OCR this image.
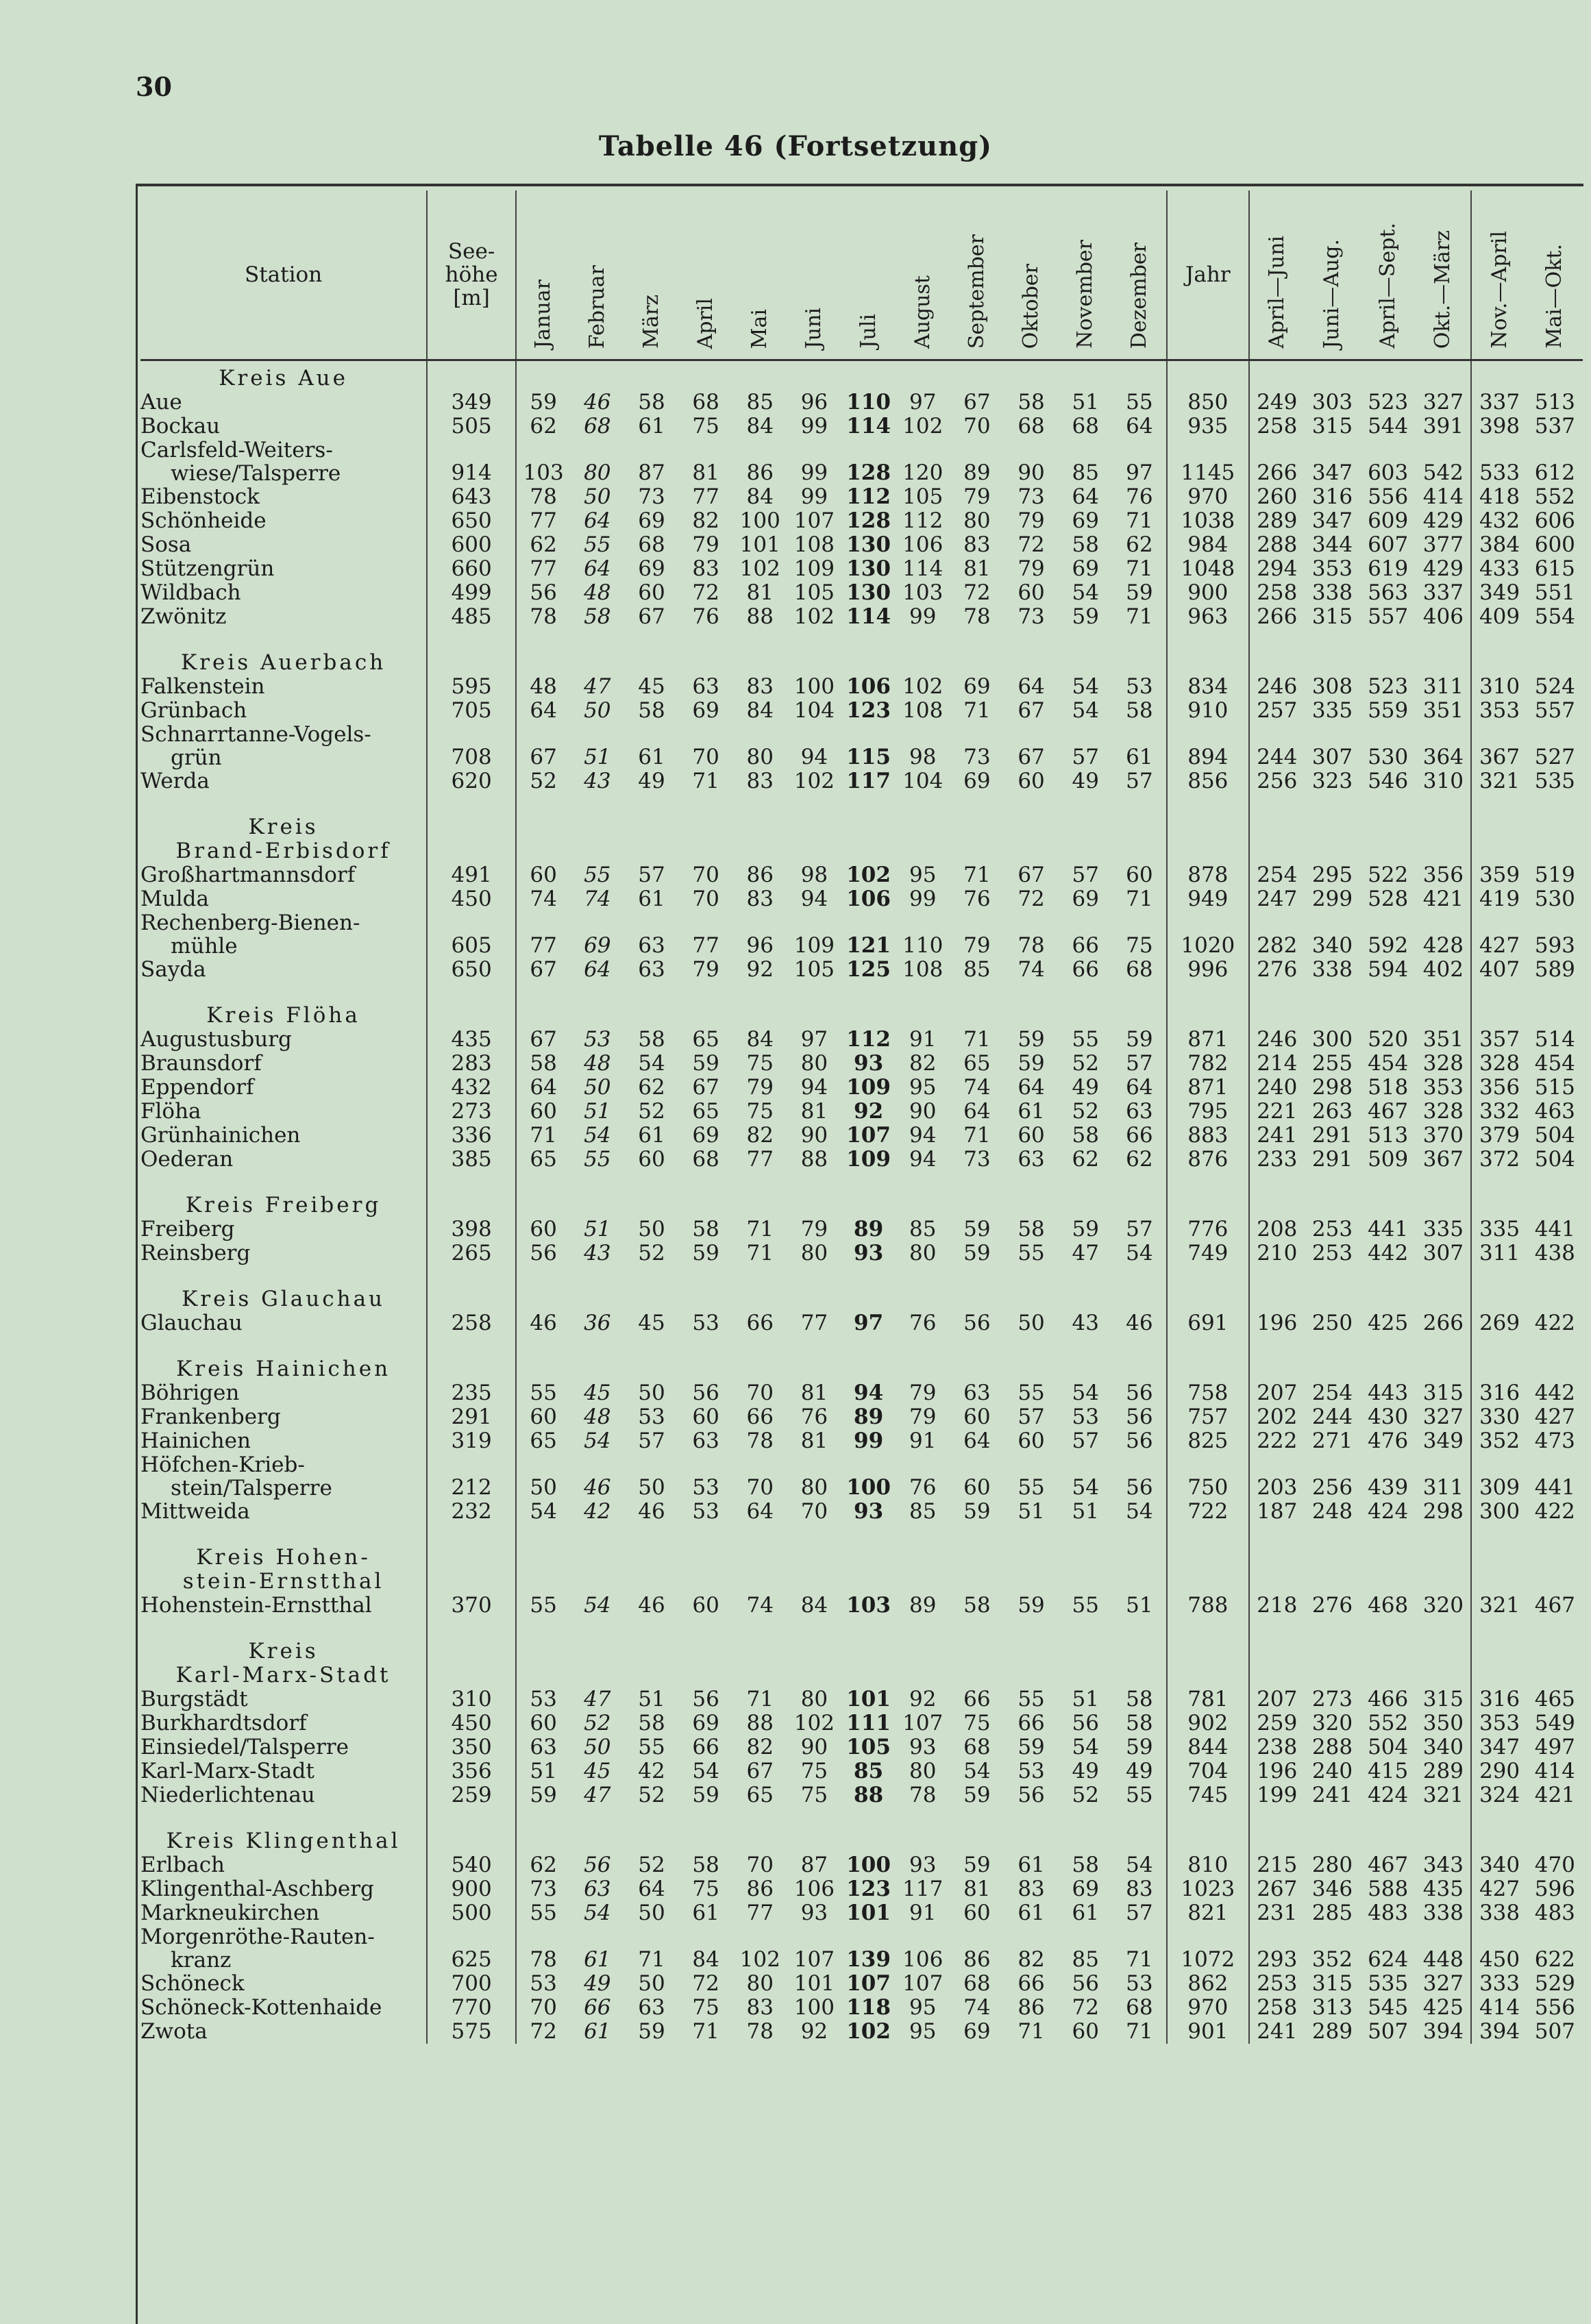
30
Tabelle 46 (Fortsetzung)
Station	See-
höhe
[m]	Januar	Februar	März	April	Mai	Juni	Juli	August	September	Oktober	November	Dezember	Jahr	April—Juni	Juni—Aug.	April—Sept.	Okt.—März	Nov.—April	Mai—Okt.
Kreis Aue																				
Aue	349	59	46	58	68	85	96	110	97	67	58	51	55	850	249	303	523	327	337	513
Bockau	505	62	68	61	75	84	99	114	102	70	68	68	64	935	258	315	544	391	398	537
Carlsfeld-Weiters-
wiese/Talsperre	914	103	80	87	81	86	99	128	120	89	90	85	97	1145	266	347	603	542	533	612
Eibenstock	643	78	50	73	77	84	99	112	105	79	73	64	76	970	260	316	556	414	418	552
Schönheide	650	77	64	69	82	100	107	128	112	80	79	69	71	1038	289	347	609	429	432	606
Sosa	600	62	55	68	79	101	108	130	106	83	72	58	62	984	288	344	607	377	384	600
Stützengrün	660	77	64	69	83	102	109	130	114	81	79	69	71	1048	294	353	619	429	433	615
Wildbach	499	56	48	60	72	81	105	130	103	72	60	54	59	900	258	338	563	337	349	551
Zwönitz	485	78	58	67	76	88	102	114	99	78	73	59	71	963	266	315	557	406	409	554

Kreis Auerbach																				
Falkenstein	595	48	47	45	63	83	100	106	102	69	64	54	53	834	246	308	523	311	310	524
Grünbach	705	64	50	58	69	84	104	123	108	71	67	54	58	910	257	335	559	351	353	557
Schnarrtanne-Vogels-
grün	708	67	51	61	70	80	94	115	98	73	67	57	61	894	244	307	530	364	367	527
Werda	620	52	43	49	71	83	102	117	104	69	60	49	57	856	256	323	546	310	321	535

Kreis
Brand-Erbisdorf																				
Großhartmannsdorf	491	60	55	57	70	86	98	102	95	71	67	57	60	878	254	295	522	356	359	519
Mulda	450	74	74	61	70	83	94	106	99	76	72	69	71	949	247	299	528	421	419	530
Rechenberg-Bienen-
mühle	605	77	69	63	77	96	109	121	110	79	78	66	75	1020	282	340	592	428	427	593
Sayda	650	67	64	63	79	92	105	125	108	85	74	66	68	996	276	338	594	402	407	589

Kreis Flöha																				
Augustusburg	435	67	53	58	65	84	97	112	91	71	59	55	59	871	246	300	520	351	357	514
Braunsdorf	283	58	48	54	59	75	80	93	82	65	59	52	57	782	214	255	454	328	328	454
Eppendorf	432	64	50	62	67	79	94	109	95	74	64	49	64	871	240	298	518	353	356	515
Flöha	273	60	51	52	65	75	81	92	90	64	61	52	63	795	221	263	467	328	332	463
Grünhainichen	336	71	54	61	69	82	90	107	94	71	60	58	66	883	241	291	513	370	379	504
Oederan	385	65	55	60	68	77	88	109	94	73	63	62	62	876	233	291	509	367	372	504

Kreis Freiberg																				
Freiberg	398	60	51	50	58	71	79	89	85	59	58	59	57	776	208	253	441	335	335	441
Reinsberg	265	56	43	52	59	71	80	93	80	59	55	47	54	749	210	253	442	307	311	438

Kreis Glauchau																				
Glauchau	258	46	36	45	53	66	77	97	76	56	50	43	46	691	196	250	425	266	269	422

Kreis Hainichen																				
Böhrigen	235	55	45	50	56	70	81	94	79	63	55	54	56	758	207	254	443	315	316	442
Frankenberg	291	60	48	53	60	66	76	89	79	60	57	53	56	757	202	244	430	327	330	427
Hainichen	319	65	54	57	63	78	81	99	91	64	60	57	56	825	222	271	476	349	352	473
Höfchen-Krieb-
stein/Talsperre	212	50	46	50	53	70	80	100	76	60	55	54	56	750	203	256	439	311	309	441
Mittweida	232	54	42	46	53	64	70	93	85	59	51	51	54	722	187	248	424	298	300	422

Kreis Hohen-
stein-Ernstthal																				
Hohenstein-Ernstthal	370	55	54	46	60	74	84	103	89	58	59	55	51	788	218	276	468	320	321	467

Kreis
Karl-Marx-Stadt																				
Burgstädt	310	53	47	51	56	71	80	101	92	66	55	51	58	781	207	273	466	315	316	465
Burkhardtsdorf	450	60	52	58	69	88	102	111	107	75	66	56	58	902	259	320	552	350	353	549
Einsiedel/Talsperre	350	63	50	55	66	82	90	105	93	68	59	54	59	844	238	288	504	340	347	497
Karl-Marx-Stadt	356	51	45	42	54	67	75	85	80	54	53	49	49	704	196	240	415	289	290	414
Niederlichtenau	259	59	47	52	59	65	75	88	78	59	56	52	55	745	199	241	424	321	324	421

Kreis Klingenthal																				
Erlbach	540	62	56	52	58	70	87	100	93	59	61	58	54	810	215	280	467	343	340	470
Klingenthal-Aschberg	900	73	63	64	75	86	106	123	117	81	83	69	83	1023	267	346	588	435	427	596
Markneukirchen	500	55	54	50	61	77	93	101	91	60	61	61	57	821	231	285	483	338	338	483
Morgenröthe-Rauten-
kranz	625	78	61	71	84	102	107	139	106	86	82	85	71	1072	293	352	624	448	450	622
Schöneck	700	53	49	50	72	80	101	107	107	68	66	56	53	862	253	315	535	327	333	529
Schöneck-Kottenhaide	770	70	66	63	75	83	100	118	95	74	86	72	68	970	258	313	545	425	414	556
Zwota	575	72	61	59	71	78	92	102	95	69	71	60	71	901	241	289	507	394	394	507
